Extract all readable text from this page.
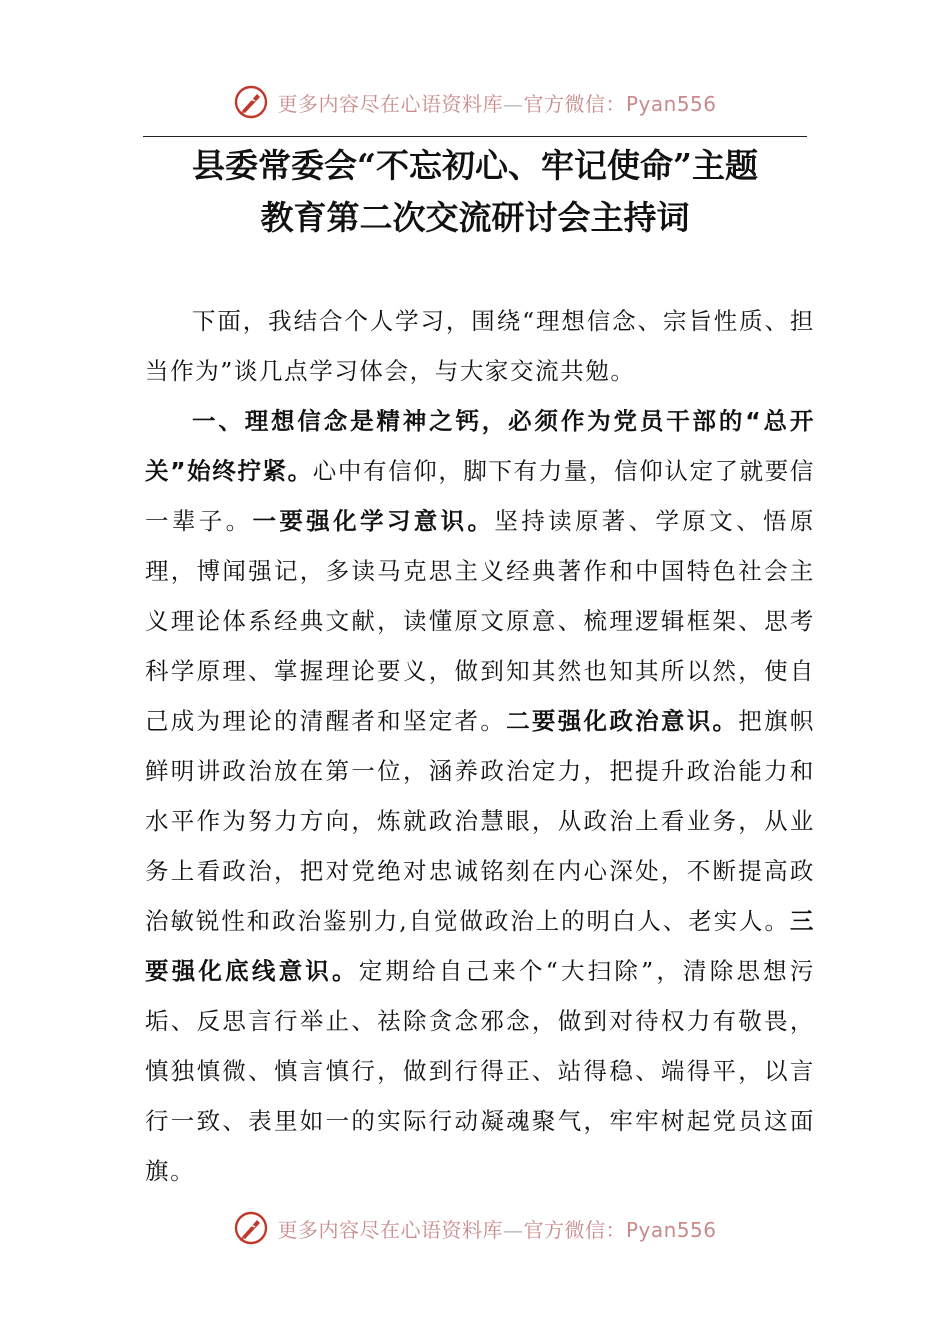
更多内容尽在心语资料库—官方微信：Pyan556
县委常委会“不忘初心、牢记使命”主题
教育第二次交流研讨会主持词

下面，我结合个人学习，围绕“理想信念、宗旨性质、担当作为”谈几点学习体会，与大家交流共勉。

一、理想信念是精神之钙，必须作为党员干部的“总开关”始终拧紧。心中有信仰，脚下有力量，信仰认定了就要信一辈子。一要强化学习意识。坚持读原著、学原文、悟原理，博闻强记，多读马克思主义经典著作和中国特色社会主义理论体系经典文献，读懂原文原意、梳理逻辑框架、思考科学原理、掌握理论要义，做到知其然也知其所以然，使自己成为理论的清醒者和坚定者。二要强化政治意识。把旗帜鲜明讲政治放在第一位，涵养政治定力，把提升政治能力和水平作为努力方向，炼就政治慧眼，从政治上看业务，从业务上看政治，把对党绝对忠诚铭刻在内心深处，不断提高政治敏锐性和政治鉴别力,自觉做政治上的明白人、老实人。三要强化底线意识。定期给自己来个“大扫除”，清除思想污垢、反思言行举止、祛除贪念邪念，做到对待权力有敬畏，慎独慎微、慎言慎行，做到行得正、站得稳、端得平，以言行一致、表里如一的实际行动凝魂聚气，牢牢树起党员这面旗。

更多内容尽在心语资料库—官方微信：Pyan556
